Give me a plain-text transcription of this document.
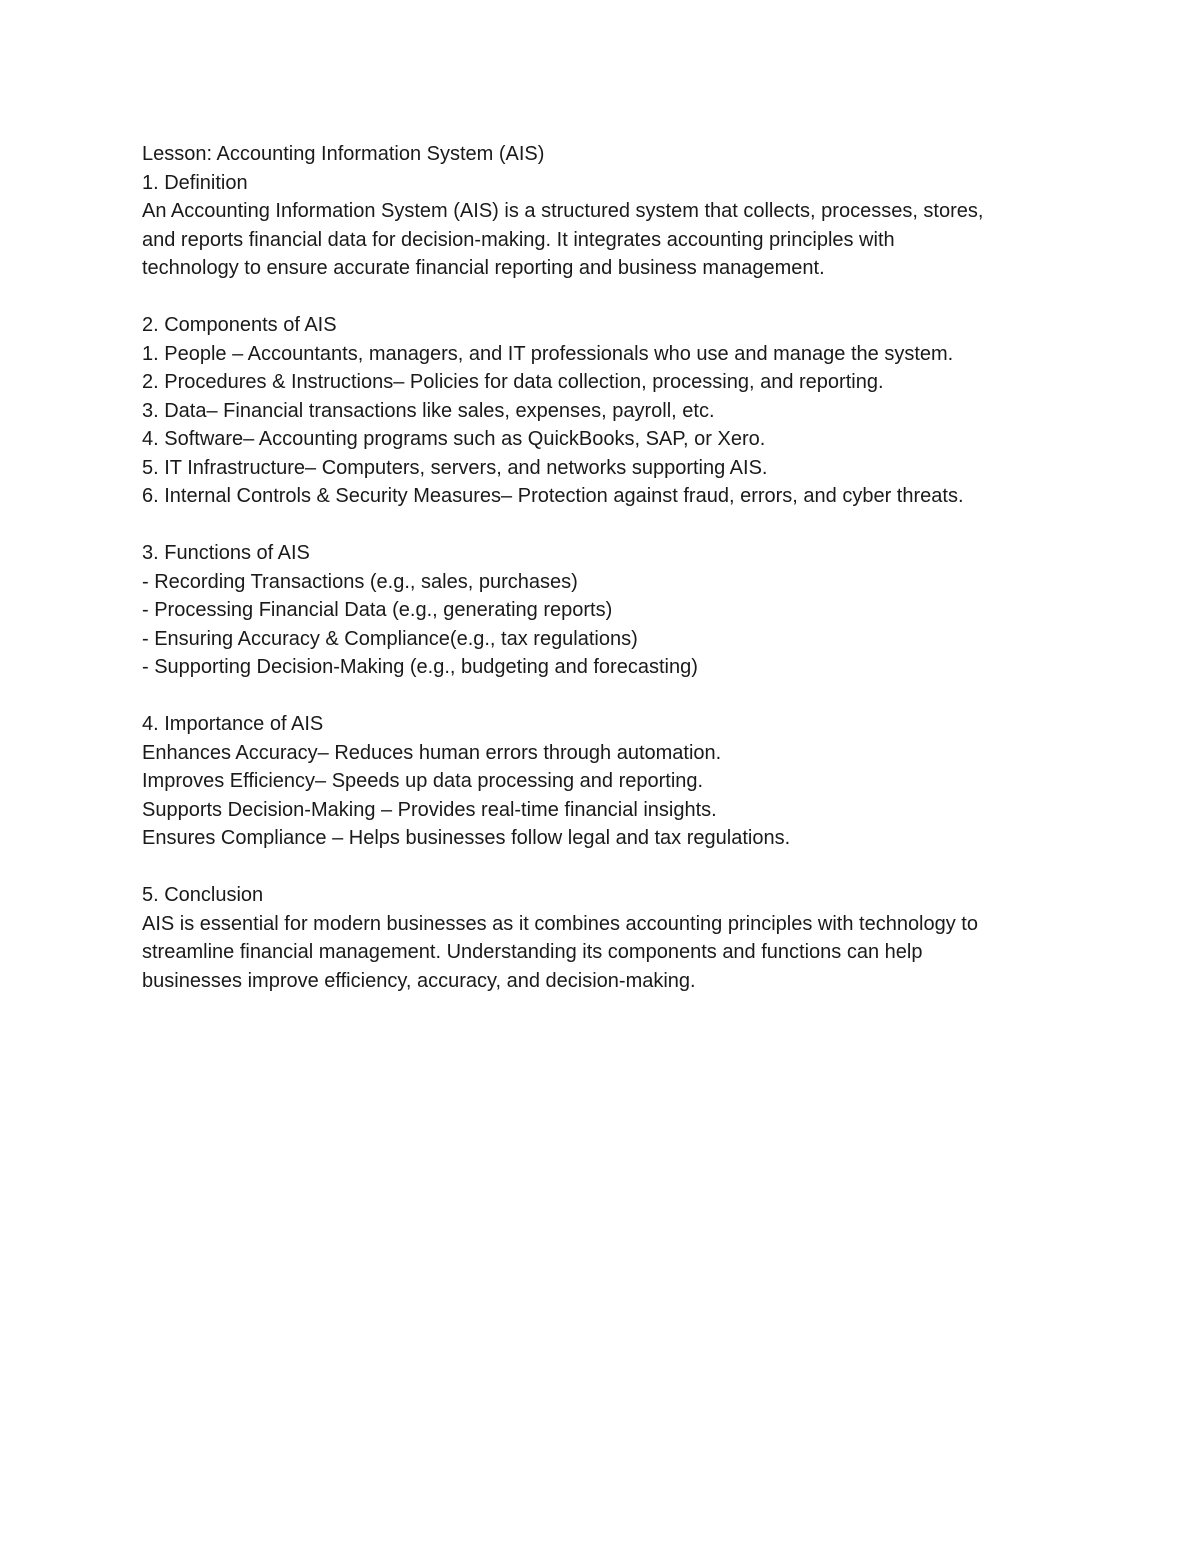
Lesson: Accounting Information System (AIS)
1. Definition
An Accounting Information System (AIS) is a structured system that collects, processes, stores,
and reports financial data for decision-making. It integrates accounting principles with
technology to ensure accurate financial reporting and business management.
2. Components of AIS
1. People – Accountants, managers, and IT professionals who use and manage the system.
2. Procedures & Instructions– Policies for data collection, processing, and reporting.
3. Data– Financial transactions like sales, expenses, payroll, etc.
4. Software– Accounting programs such as QuickBooks, SAP, or Xero.
5. IT Infrastructure– Computers, servers, and networks supporting AIS.
6. Internal Controls & Security Measures– Protection against fraud, errors, and cyber threats.
3. Functions of AIS
- Recording Transactions (e.g., sales, purchases)
- Processing Financial Data (e.g., generating reports)
- Ensuring Accuracy & Compliance(e.g., tax regulations)
- Supporting Decision-Making (e.g., budgeting and forecasting)
4. Importance of AIS
Enhances Accuracy– Reduces human errors through automation.
Improves Efficiency– Speeds up data processing and reporting.
Supports Decision-Making – Provides real-time financial insights.
Ensures Compliance – Helps businesses follow legal and tax regulations.
5. Conclusion
AIS is essential for modern businesses as it combines accounting principles with technology to
streamline financial management. Understanding its components and functions can help
businesses improve efficiency, accuracy, and decision-making.
